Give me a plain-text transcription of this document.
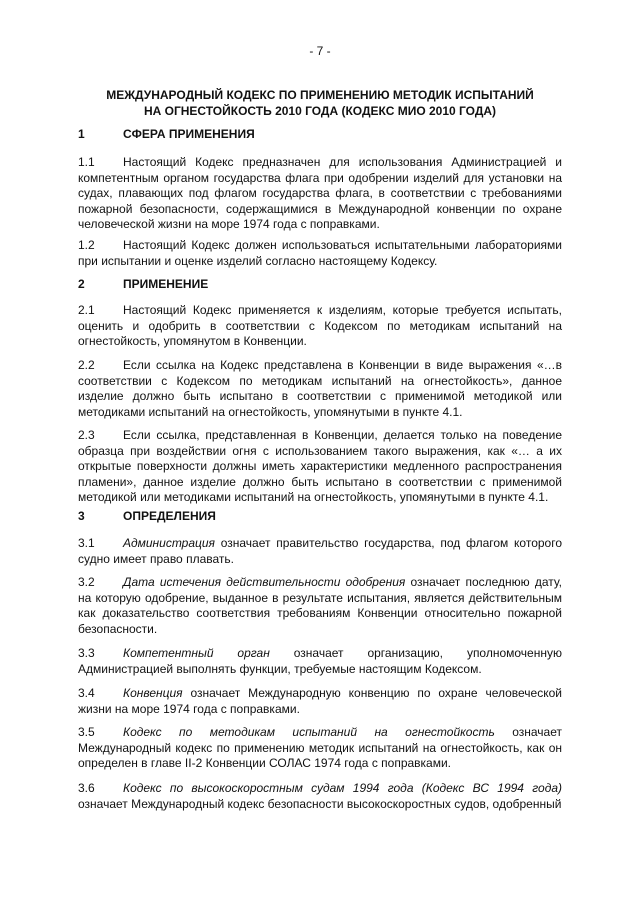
- 7 -
МЕЖДУНАРОДНЫЙ КОДЕКС ПО ПРИМЕНЕНИЮ МЕТОДИК ИСПЫТАНИЙ
НА ОГНЕСТОЙКОСТЬ 2010 ГОДА (КОДЕКС МИО 2010 ГОДА)
1	СФЕРА ПРИМЕНЕНИЯ
1.1 Настоящий Кодекс предназначен для использования Администрацией и компетентным органом государства флага при одобрении изделий для установки на судах, плавающих под флагом государства флага, в соответствии с требованиями пожарной безопасности, содержащимися в Международной конвенции по охране человеческой жизни на море 1974 года с поправками.
1.2 Настоящий Кодекс должен использоваться испытательными лабораториями при испытании и оценке изделий согласно настоящему Кодексу.
2	ПРИМЕНЕНИЕ
2.1 Настоящий Кодекс применяется к изделиям, которые требуется испытать, оценить и одобрить в соответствии с Кодексом по методикам испытаний на огнестойкость, упомянутом в Конвенции.
2.2 Если ссылка на Кодекс представлена в Конвенции в виде выражения «…в соответствии с Кодексом по методикам испытаний на огнестойкость», данное изделие должно быть испытано в соответствии с применимой методикой или методиками испытаний на огнестойкость, упомянутыми в пункте 4.1.
2.3 Если ссылка, представленная в Конвенции, делается только на поведение образца при воздействии огня с использованием такого выражения, как «… а их открытые поверхности должны иметь характеристики медленного распространения пламени», данное изделие должно быть испытано в соответствии с применимой методикой или методиками испытаний на огнестойкость, упомянутыми в пункте 4.1.
3	ОПРЕДЕЛЕНИЯ
3.1 Администрация означает правительство государства, под флагом которого судно имеет право плавать.
3.2 Дата истечения действительности одобрения означает последнюю дату, на которую одобрение, выданное в результате испытания, является действительным как доказательство соответствия требованиям Конвенции относительно пожарной безопасности.
3.3 Компетентный орган означает организацию, уполномоченную Администрацией выполнять функции, требуемые настоящим Кодексом.
3.4 Конвенция означает Международную конвенцию по охране человеческой жизни на море 1974 года с поправками.
3.5 Кодекс по методикам испытаний на огнестойкость означает Международный кодекс по применению методик испытаний на огнестойкость, как он определен в главе II-2 Конвенции СОЛАС 1974 года с поправками.
3.6 Кодекс по высокоскоростным судам 1994 года (Кодекс ВС 1994 года) означает Международный кодекс безопасности высокоскоростных судов, одобренный
